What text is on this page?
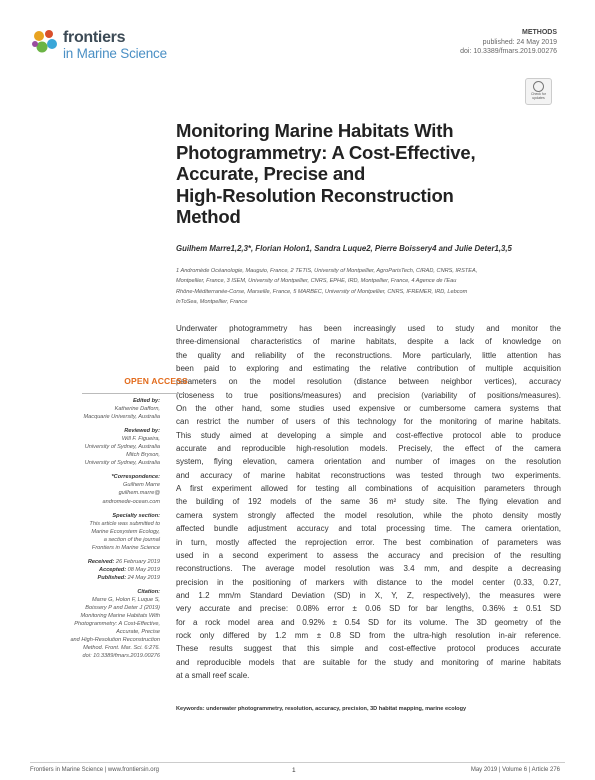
frontiers
in Marine Science
METHODS
published: 24 May 2019
doi: 10.3389/fmars.2019.00276
Check for updates
Monitoring Marine Habitats With
Photogrammetry: A Cost-Effective,
Accurate, Precise and
High-Resolution Reconstruction
Method
Guilhem Marre1,2,3*, Florian Holon1, Sandra Luque2, Pierre Boissery4 and Julie Deter1,3,5
1 Andromède Océanologie, Mauguio, France, 2 TETIS, University of Montpellier, AgroParisTech, CIRAD, CNRS, IRSTEA,
Montpellier, France, 3 ISEM, University of Montpellier, CNRS, EPHE, IRD, Montpellier, France, 4 Agence de l'Eau
Rhône-Méditerranée-Corse, Marseille, France, 5 MARBEC, University of Montpellier, CNRS, IFREMER, IRD, Lebcom
InToSea, Montpellier, France
Underwater photogrammetry has been increasingly used to study and monitor the
three-dimensional characteristics of marine habitats, despite a lack of knowledge on
the quality and reliability of the reconstructions. More particularly, little attention has
been paid to exploring and estimating the relative contribution of multiple acquisition
parameters on the model resolution (distance between neighbor vertices), accuracy
(closeness to true positions/measures) and precision (variability of positions/measures).
On the other hand, some studies used expensive or cumbersome camera systems that
can restrict the number of users of this technology for the monitoring of marine habitats.
This study aimed at developing a simple and cost-effective protocol able to produce
accurate and reproducible high-resolution models. Precisely, the effect of the camera
system, flying elevation, camera orientation and number of images on the resolution
and accuracy of marine habitat reconstructions was tested through two experiments.
A first experiment allowed for testing all combinations of acquisition parameters through
the building of 192 models of the same 36 m² study site. The flying elevation and
camera system strongly affected the model resolution, while the photo density mostly
affected bundle adjustment accuracy and total processing time. The camera orientation,
in turn, mostly affected the reprojection error. The best combination of parameters was
used in a second experiment to assess the accuracy and precision of the resulting
reconstructions. The average model resolution was 3.4 mm, and despite a decreasing
precision in the positioning of markers with distance to the model center (0.33, 0.27,
and 1.2 mm/m Standard Deviation (SD) in X, Y, Z, respectively), the measures were
very accurate and precise: 0.08% error ± 0.06 SD for bar lengths, 0.36% ± 0.51 SD
for a rock model area and 0.92% ± 0.54 SD for its volume. The 3D geometry of the
rock only differed by 1.2 mm ± 0.8 SD from the ultra-high resolution in-air reference.
These results suggest that this simple and cost-effective protocol produces accurate
and reproducible models that are suitable for the study and monitoring of marine habitats
at a small reef scale.
Keywords: underwater photogrammetry, resolution, accuracy, precision, 3D habitat mapping, marine ecology
OPEN ACCESS
Edited by:
Katherine Dafforn,
Macquarie University, Australia
Reviewed by:
Will F. Figueira,
University of Sydney, Australia
Mitch Bryson,
University of Sydney, Australia
*Correspondence:
Guilhem Marre
guilhem.marre@
andromede-ocean.com
Specialty section:
This article was submitted to
Marine Ecosystem Ecology,
a section of the journal
Frontiers in Marine Science
Received: 26 February 2019
Accepted: 08 May 2019
Published: 24 May 2019
Citation:
Marre G, Holon F, Luque S,
Boissery P and Deter J (2019)
Monitoring Marine Habitats With
Photogrammetry: A Cost-Effective,
Accurate, Precise
and High-Resolution Reconstruction
Method. Front. Mar. Sci. 6:276.
doi: 10.3389/fmars.2019.00276
Frontiers in Marine Science | www.frontiersin.org	1	May 2019 | Volume 6 | Article 276
